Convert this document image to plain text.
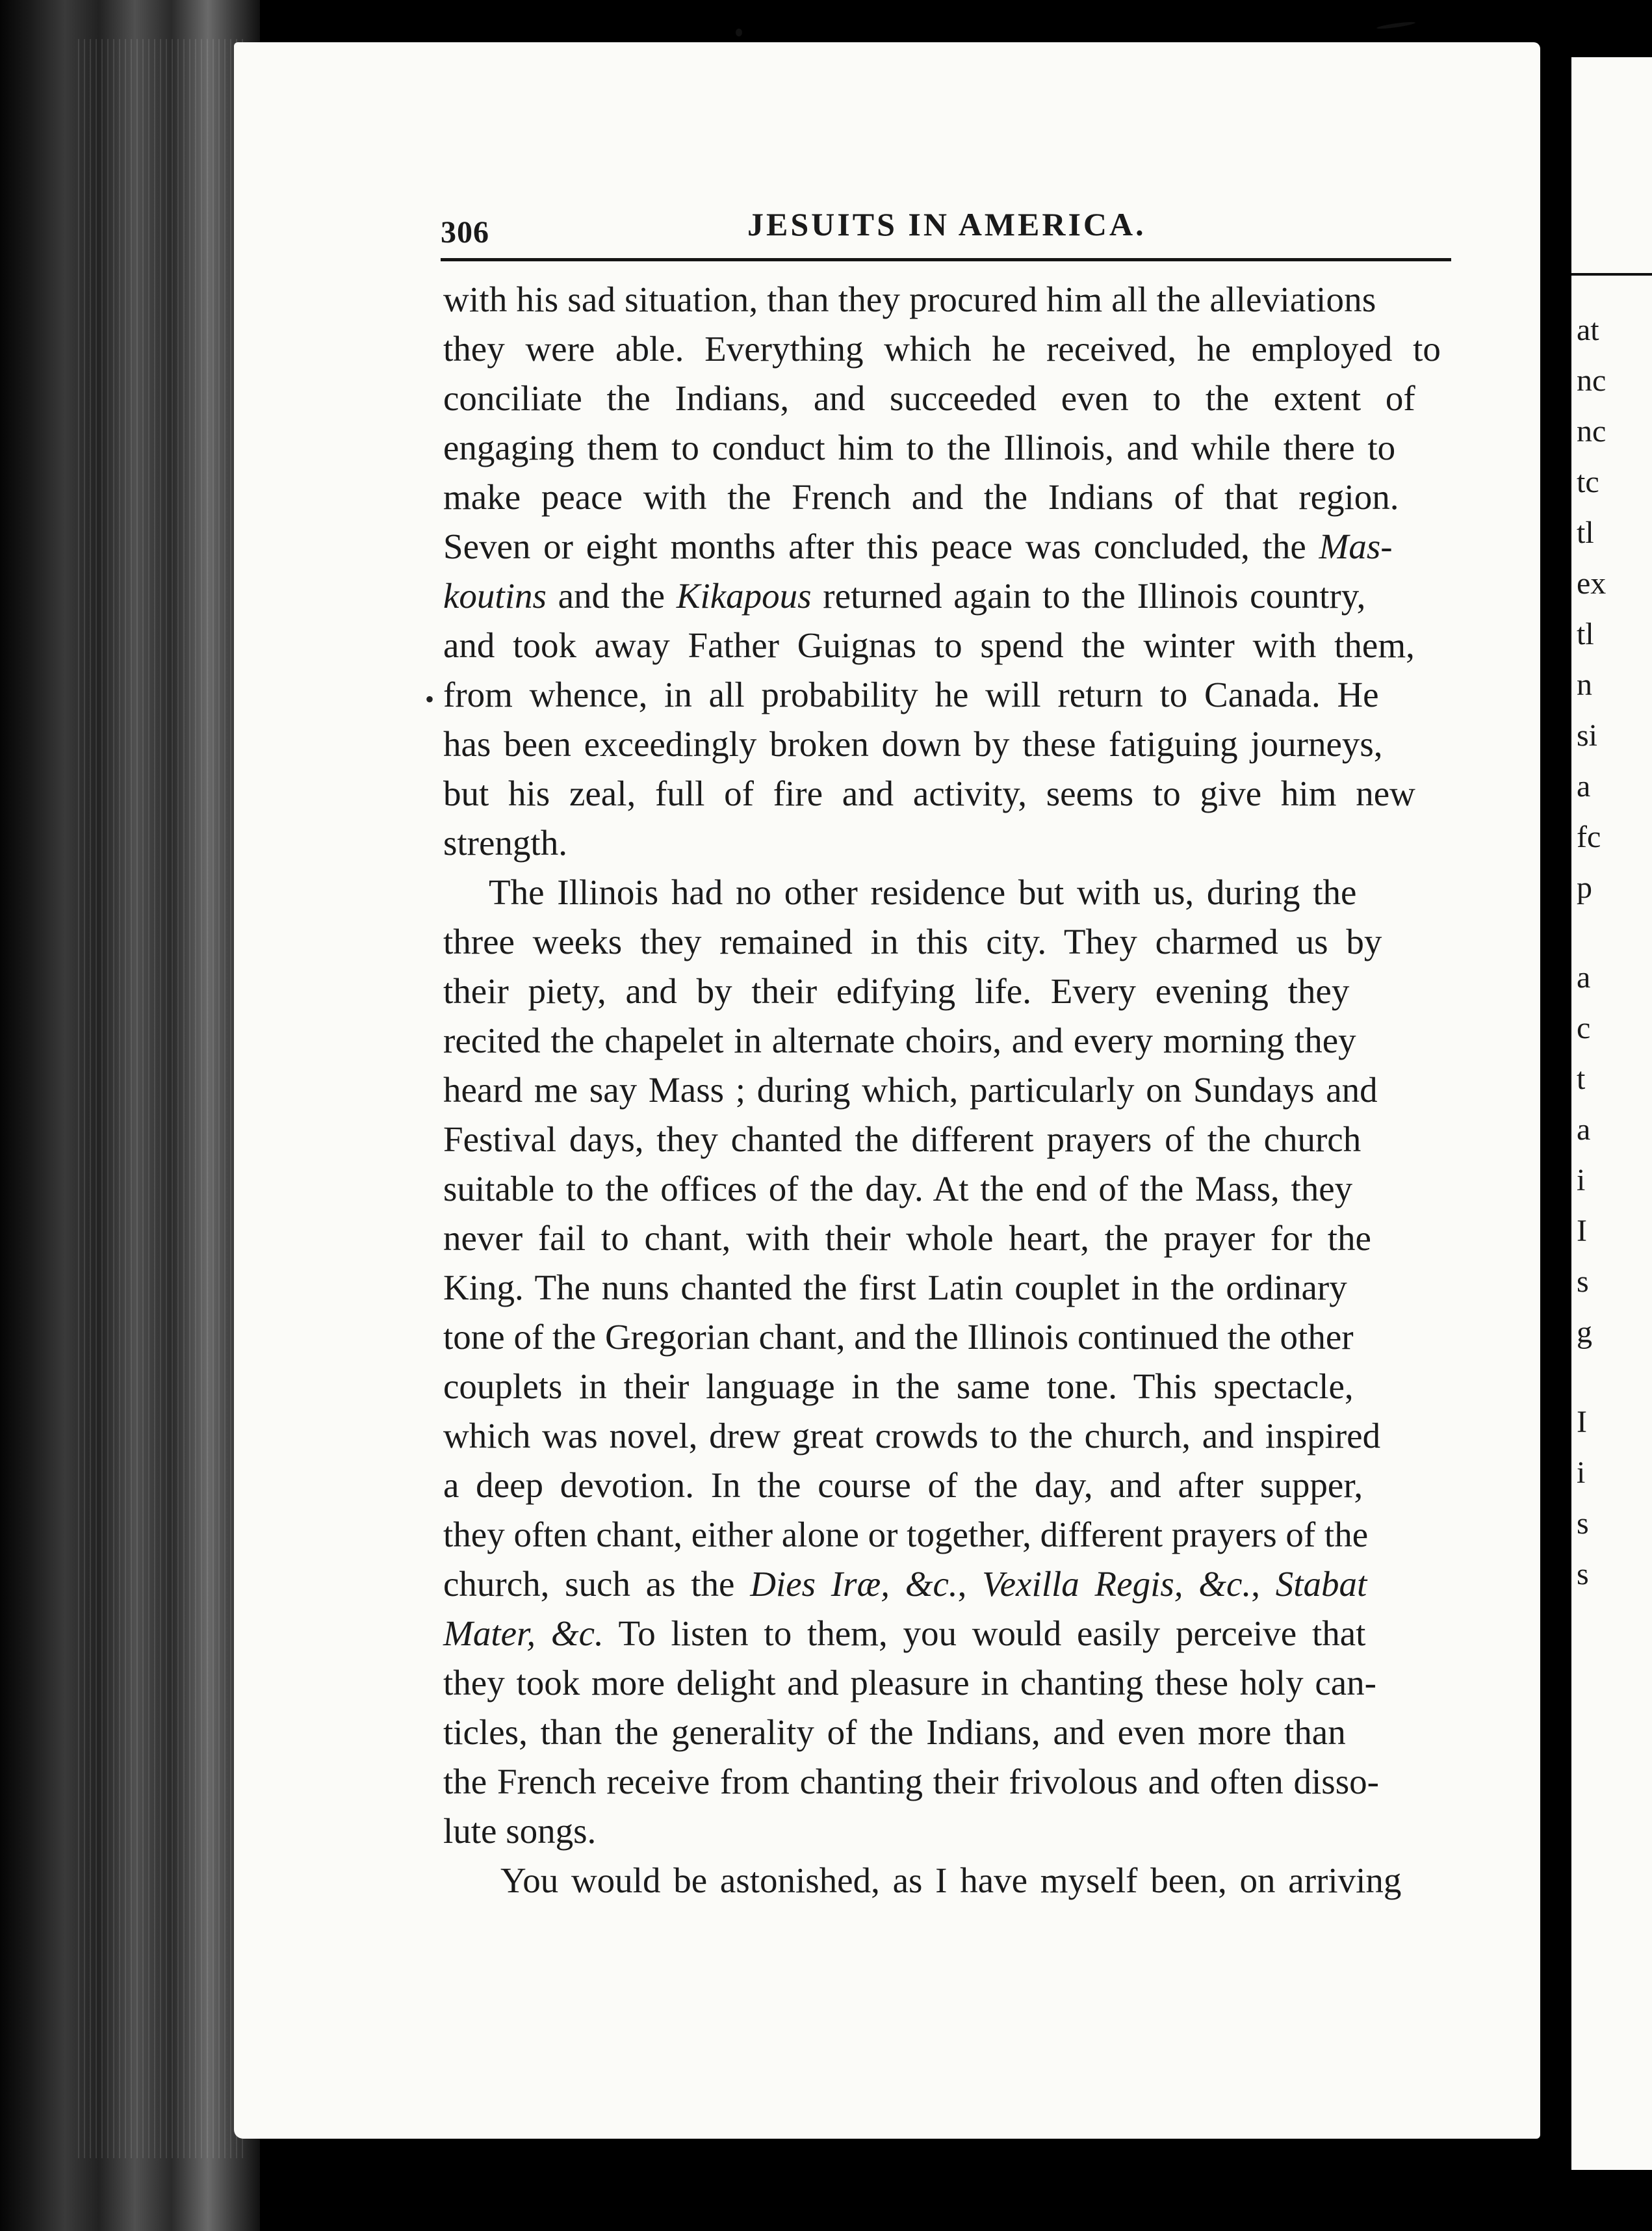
at
nc
nc
tc
tl
ex
tl
n
si
a
fc
p
a
c
t
a
i
I
s
g
I
i
s
s
306	JESUITS IN AMERICA.
with his sad situation, than they procured him all the alleviations
they were able. Everything which he received, he employed to
conciliate the Indians, and succeeded even to the extent of
engaging them to conduct him to the Illinois, and while there to
make peace with the French and the Indians of that region.
Seven or eight months after this peace was concluded, the Mas-
koutins and the Kikapous returned again to the Illinois country,
and took away Father Guignas to spend the winter with them,
from whence, in all probability he will return to Canada. He
has been exceedingly broken down by these fatiguing journeys,
but his zeal, full of fire and activity, seems to give him new
strength.
The Illinois had no other residence but with us, during the
three weeks they remained in this city. They charmed us by
their piety, and by their edifying life. Every evening they
recited the chapelet in alternate choirs, and every morning they
heard me say Mass ; during which, particularly on Sundays and
Festival days, they chanted the different prayers of the church
suitable to the offices of the day. At the end of the Mass, they
never fail to chant, with their whole heart, the prayer for the
King. The nuns chanted the first Latin couplet in the ordinary
tone of the Gregorian chant, and the Illinois continued the other
couplets in their language in the same tone. This spectacle,
which was novel, drew great crowds to the church, and inspired
a deep devotion. In the course of the day, and after supper,
they often chant, either alone or together, different prayers of the
church, such as the Dies Iræ, &c., Vexilla Regis, &c., Stabat
Mater, &c. To listen to them, you would easily perceive that
they took more delight and pleasure in chanting these holy can-
ticles, than the generality of the Indians, and even more than
the French receive from chanting their frivolous and often disso-
lute songs.
You would be astonished, as I have myself been, on arriving
•
